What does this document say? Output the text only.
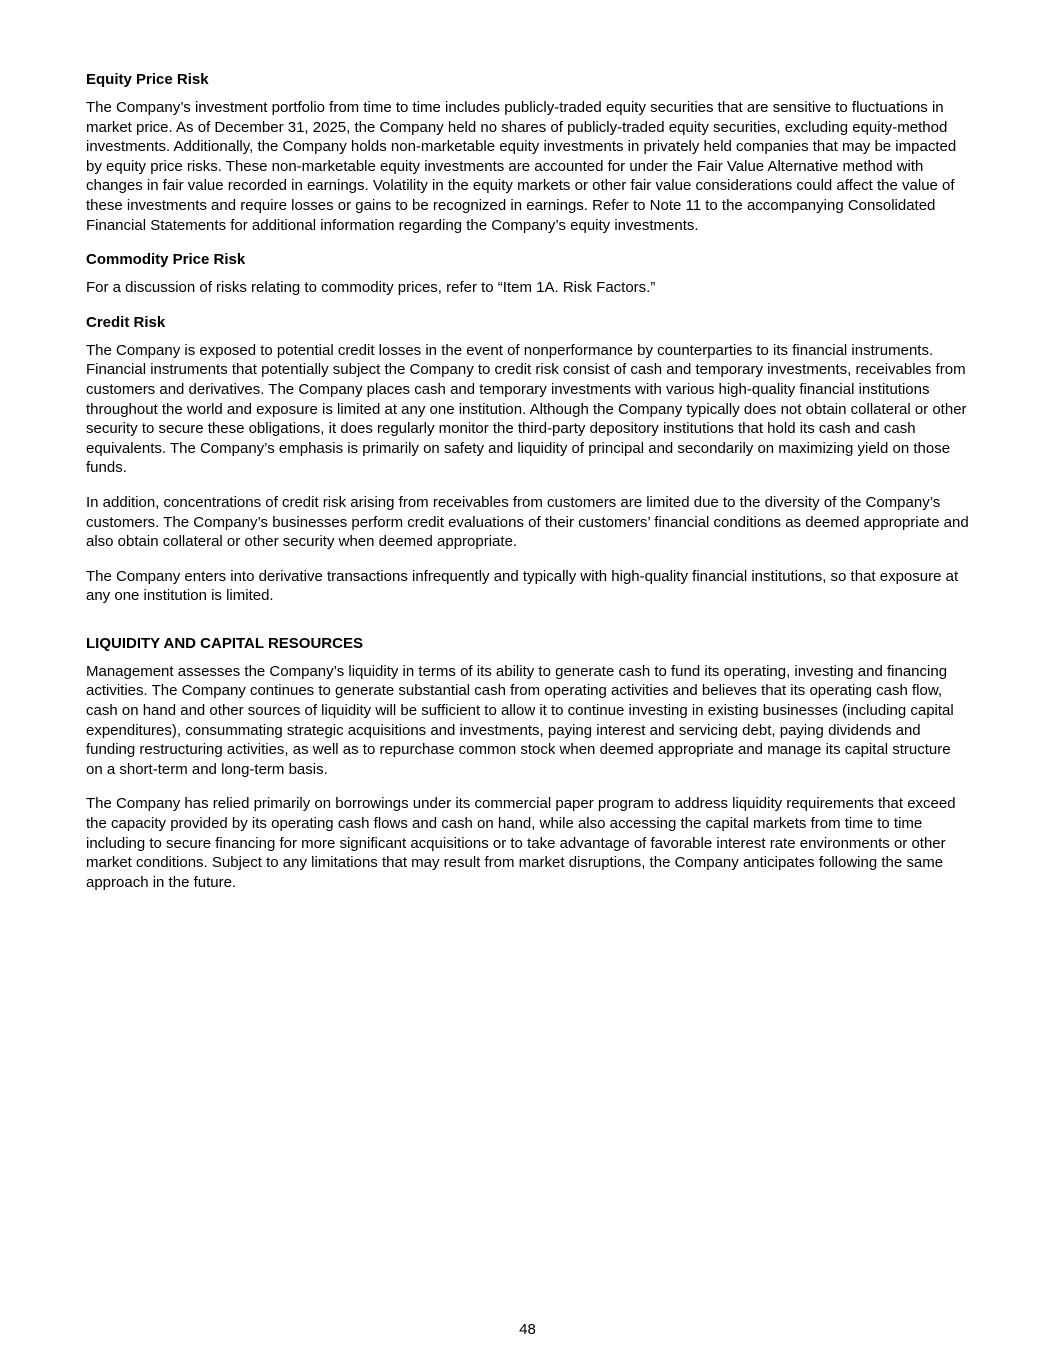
Equity Price Risk

The Company’s investment portfolio from time to time includes publicly-traded equity securities that are sensitive to fluctuations in market price. As of December 31, 2025, the Company held no shares of publicly-traded equity securities, excluding equity-method investments. Additionally, the Company holds non-marketable equity investments in privately held companies that may be impacted by equity price risks. These non-marketable equity investments are accounted for under the Fair Value Alternative method with changes in fair value recorded in earnings. Volatility in the equity markets or other fair value considerations could affect the value of these investments and require losses or gains to be recognized in earnings. Refer to Note 11 to the accompanying Consolidated Financial Statements for additional information regarding the Company’s equity investments.

Commodity Price Risk

For a discussion of risks relating to commodity prices, refer to “Item 1A. Risk Factors.”

Credit Risk

The Company is exposed to potential credit losses in the event of nonperformance by counterparties to its financial instruments. Financial instruments that potentially subject the Company to credit risk consist of cash and temporary investments, receivables from customers and derivatives. The Company places cash and temporary investments with various high-quality financial institutions throughout the world and exposure is limited at any one institution. Although the Company typically does not obtain collateral or other security to secure these obligations, it does regularly monitor the third-party depository institutions that hold its cash and cash equivalents. The Company’s emphasis is primarily on safety and liquidity of principal and secondarily on maximizing yield on those funds.

In addition, concentrations of credit risk arising from receivables from customers are limited due to the diversity of the Company’s customers. The Company’s businesses perform credit evaluations of their customers’ financial conditions as deemed appropriate and also obtain collateral or other security when deemed appropriate.

The Company enters into derivative transactions infrequently and typically with high-quality financial institutions, so that exposure at any one institution is limited.

LIQUIDITY AND CAPITAL RESOURCES

Management assesses the Company’s liquidity in terms of its ability to generate cash to fund its operating, investing and financing activities. The Company continues to generate substantial cash from operating activities and believes that its operating cash flow, cash on hand and other sources of liquidity will be sufficient to allow it to continue investing in existing businesses (including capital expenditures), consummating strategic acquisitions and investments, paying interest and servicing debt, paying dividends and funding restructuring activities, as well as to repurchase common stock when deemed appropriate and manage its capital structure on a short-term and long-term basis.

The Company has relied primarily on borrowings under its commercial paper program to address liquidity requirements that exceed the capacity provided by its operating cash flows and cash on hand, while also accessing the capital markets from time to time including to secure financing for more significant acquisitions or to take advantage of favorable interest rate environments or other market conditions. Subject to any limitations that may result from market disruptions, the Company anticipates following the same approach in the future.

48
